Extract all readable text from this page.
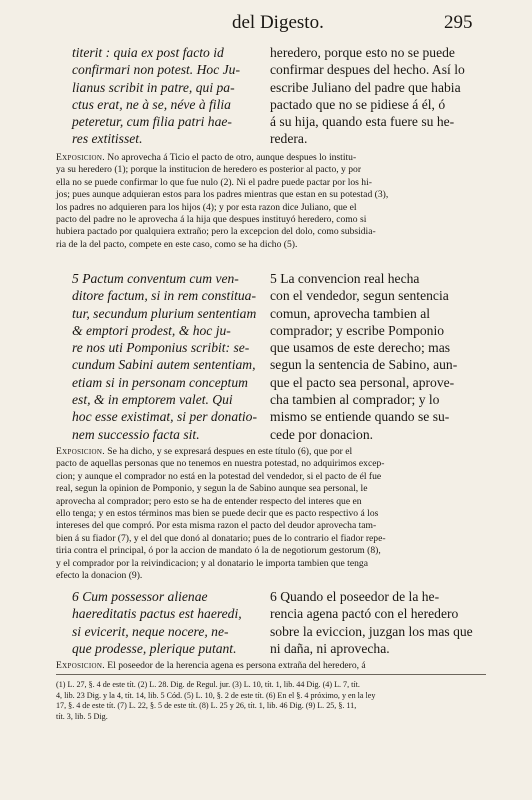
del Digesto.	295
titerit : quia ex post facto id
confirmari non potest. Hoc Ju-
lianus scribit in patre, qui pa-
ctus erat, ne à se, néve à filia
peteretur, cum filia patri hae-
res extitisset.
heredero, porque esto no se puede
confirmar despues del hecho. Así lo
escribe Juliano del padre que habia
pactado que no se pidiese á él, ó
á su hija, quando esta fuere su he-
redera.
Exposicion. No aprovecha á Ticio el pacto de otro, aunque despues lo institu-
ya su heredero (1); porque la institucion de heredero es posterior al pacto, y por
ella no se puede confirmar lo que fue nulo (2). Ni el padre puede pactar por los hi-
jos; pues aunque adquieran estos para los padres mientras que estan en su potestad (3),
los padres no adquieren para los hijos (4); y por esta razon dice Juliano, que el
pacto del padre no le aprovecha á la hija que despues instituyó heredero, como si
hubiera pactado por qualquiera extraño; pero la excepcion del dolo, como subsidia-
ria de la del pacto, compete en este caso, como se ha dicho (5).
5 Pactum conventum cum ven-
ditore factum, si in rem constitua-
tur, secundum plurium sententiam
& emptori prodest, & hoc ju-
re nos uti Pomponius scribit: se-
cundum Sabini autem sententiam,
etiam si in personam conceptum
est, & in emptorem valet. Qui
hoc esse existimat, si per donatio-
nem successio facta sit.
5 La convencion real hecha
con el vendedor, segun sentencia
comun, aprovecha tambien al
comprador; y escribe Pomponio
que usamos de este derecho; mas
segun la sentencia de Sabino, aun-
que el pacto sea personal, aprove-
cha tambien al comprador; y lo
mismo se entiende quando se su-
cede por donacion.
Exposicion. Se ha dicho, y se expresará despues en este título (6), que por el
pacto de aquellas personas que no tenemos en nuestra potestad, no adquirimos excep-
cion; y aunque el comprador no está en la potestad del vendedor, si el pacto de él fue
real, segun la opinion de Pomponio, y segun la de Sabino aunque sea personal, le
aprovecha al comprador; pero esto se ha de entender respecto del interes que en
ello tenga; y en estos términos mas bien se puede decir que es pacto respectivo á los
intereses del que compró. Por esta misma razon el pacto del deudor aprovecha tam-
bien á su fiador (7), y el del que donó al donatario; pues de lo contrario el fiador repe-
tiria contra el principal, ó por la accion de mandato ó la de negotiorum gestorum (8),
y el comprador por la reivindicacion; y al donatario le importa tambien que tenga
efecto la donacion (9).
6 Cum possessor alienae
haereditatis pactus est haeredi,
si evicerit, neque nocere, ne-
que prodesse, plerique putant.
6 Quando el poseedor de la he-
rencia agena pactó con el heredero
sobre la eviccion, juzgan los mas que
ni daña, ni aprovecha.
Exposicion. El poseedor de la herencia agena es persona extraña del heredero, á
(1) L. 27, §. 4 de este tít. (2) L. 28. Dig. de Regul. jur. (3) L. 10, tít. 1, lib. 44 Dig. (4) L. 7, tít.
4, lib. 23 Dig. y la 4, tít. 14, lib. 5 Cód. (5) L. 10, §. 2 de este tít. (6) En el §. 4 próximo, y en la ley
17, §. 4 de este tít. (7) L. 22, §. 5 de este tít. (8) L. 25 y 26, tít. 1, lib. 46 Dig. (9) L. 25, §. 11,
tít. 3, lib. 5 Dig.
